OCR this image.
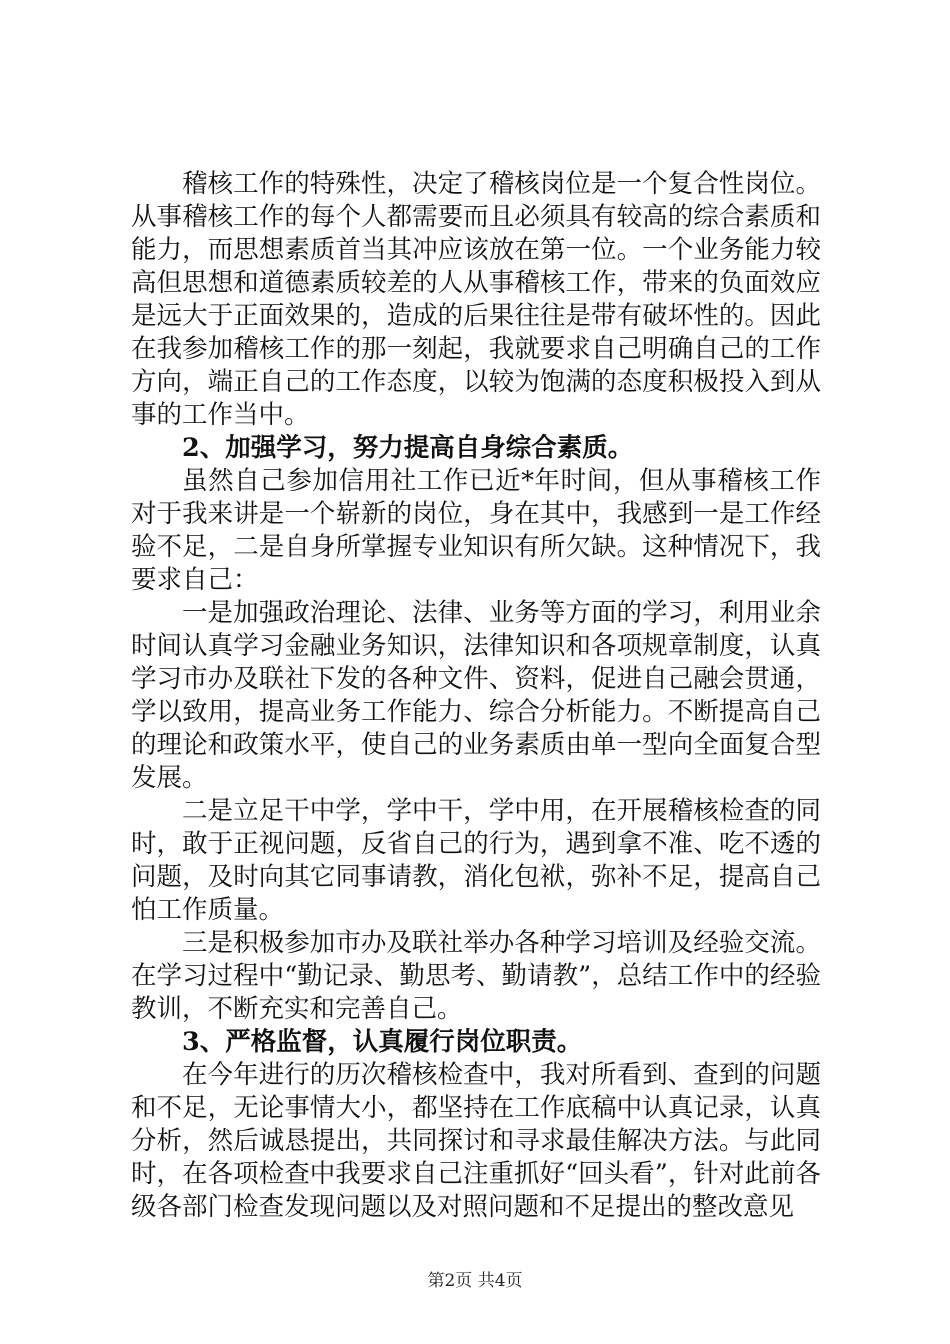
稽核工作的特殊性，决定了稽核岗位是一个复合性岗位。从事稽核工作的每个人都需要而且必须具有较高的综合素质和能力，而思想素质首当其冲应该放在第一位。一个业务能力较高但思想和道德素质较差的人从事稽核工作，带来的负面效应是远大于正面效果的，造成的后果往往是带有破坏性的。因此在我参加稽核工作的那一刻起，我就要求自己明确自己的工作方向，端正自己的工作态度，以较为饱满的态度积极投入到从事的工作当中。

2、加强学习，努力提高自身综合素质。

虽然自己参加信用社工作已近*年时间，但从事稽核工作对于我来讲是一个崭新的岗位，身在其中，我感到一是工作经验不足，二是自身所掌握专业知识有所欠缺。这种情况下，我要求自己：

一是加强政治理论、法律、业务等方面的学习，利用业余时间认真学习金融业务知识，法律知识和各项规章制度，认真学习市办及联社下发的各种文件、资料，促进自己融会贯通，学以致用，提高业务工作能力、综合分析能力。不断提高自己的理论和政策水平，使自己的业务素质由单一型向全面复合型发展。

二是立足干中学，学中干，学中用，在开展稽核检查的同时，敢于正视问题，反省自己的行为，遇到拿不准、吃不透的问题，及时向其它同事请教，消化包袱，弥补不足，提高自己怕工作质量。

三是积极参加市办及联社举办各种学习培训及经验交流。在学习过程中“勤记录、勤思考、勤请教”，总结工作中的经验教训，不断充实和完善自己。

3、严格监督，认真履行岗位职责。

在今年进行的历次稽核检查中，我对所看到、查到的问题和不足，无论事情大小，都坚持在工作底稿中认真记录，认真分析，然后诚恳提出，共同探讨和寻求最佳解决方法。与此同时，在各项检查中我要求自己注重抓好“回头看”，针对此前各级各部门检查发现问题以及对照问题和不足提出的整改意见

第2页 共4页
